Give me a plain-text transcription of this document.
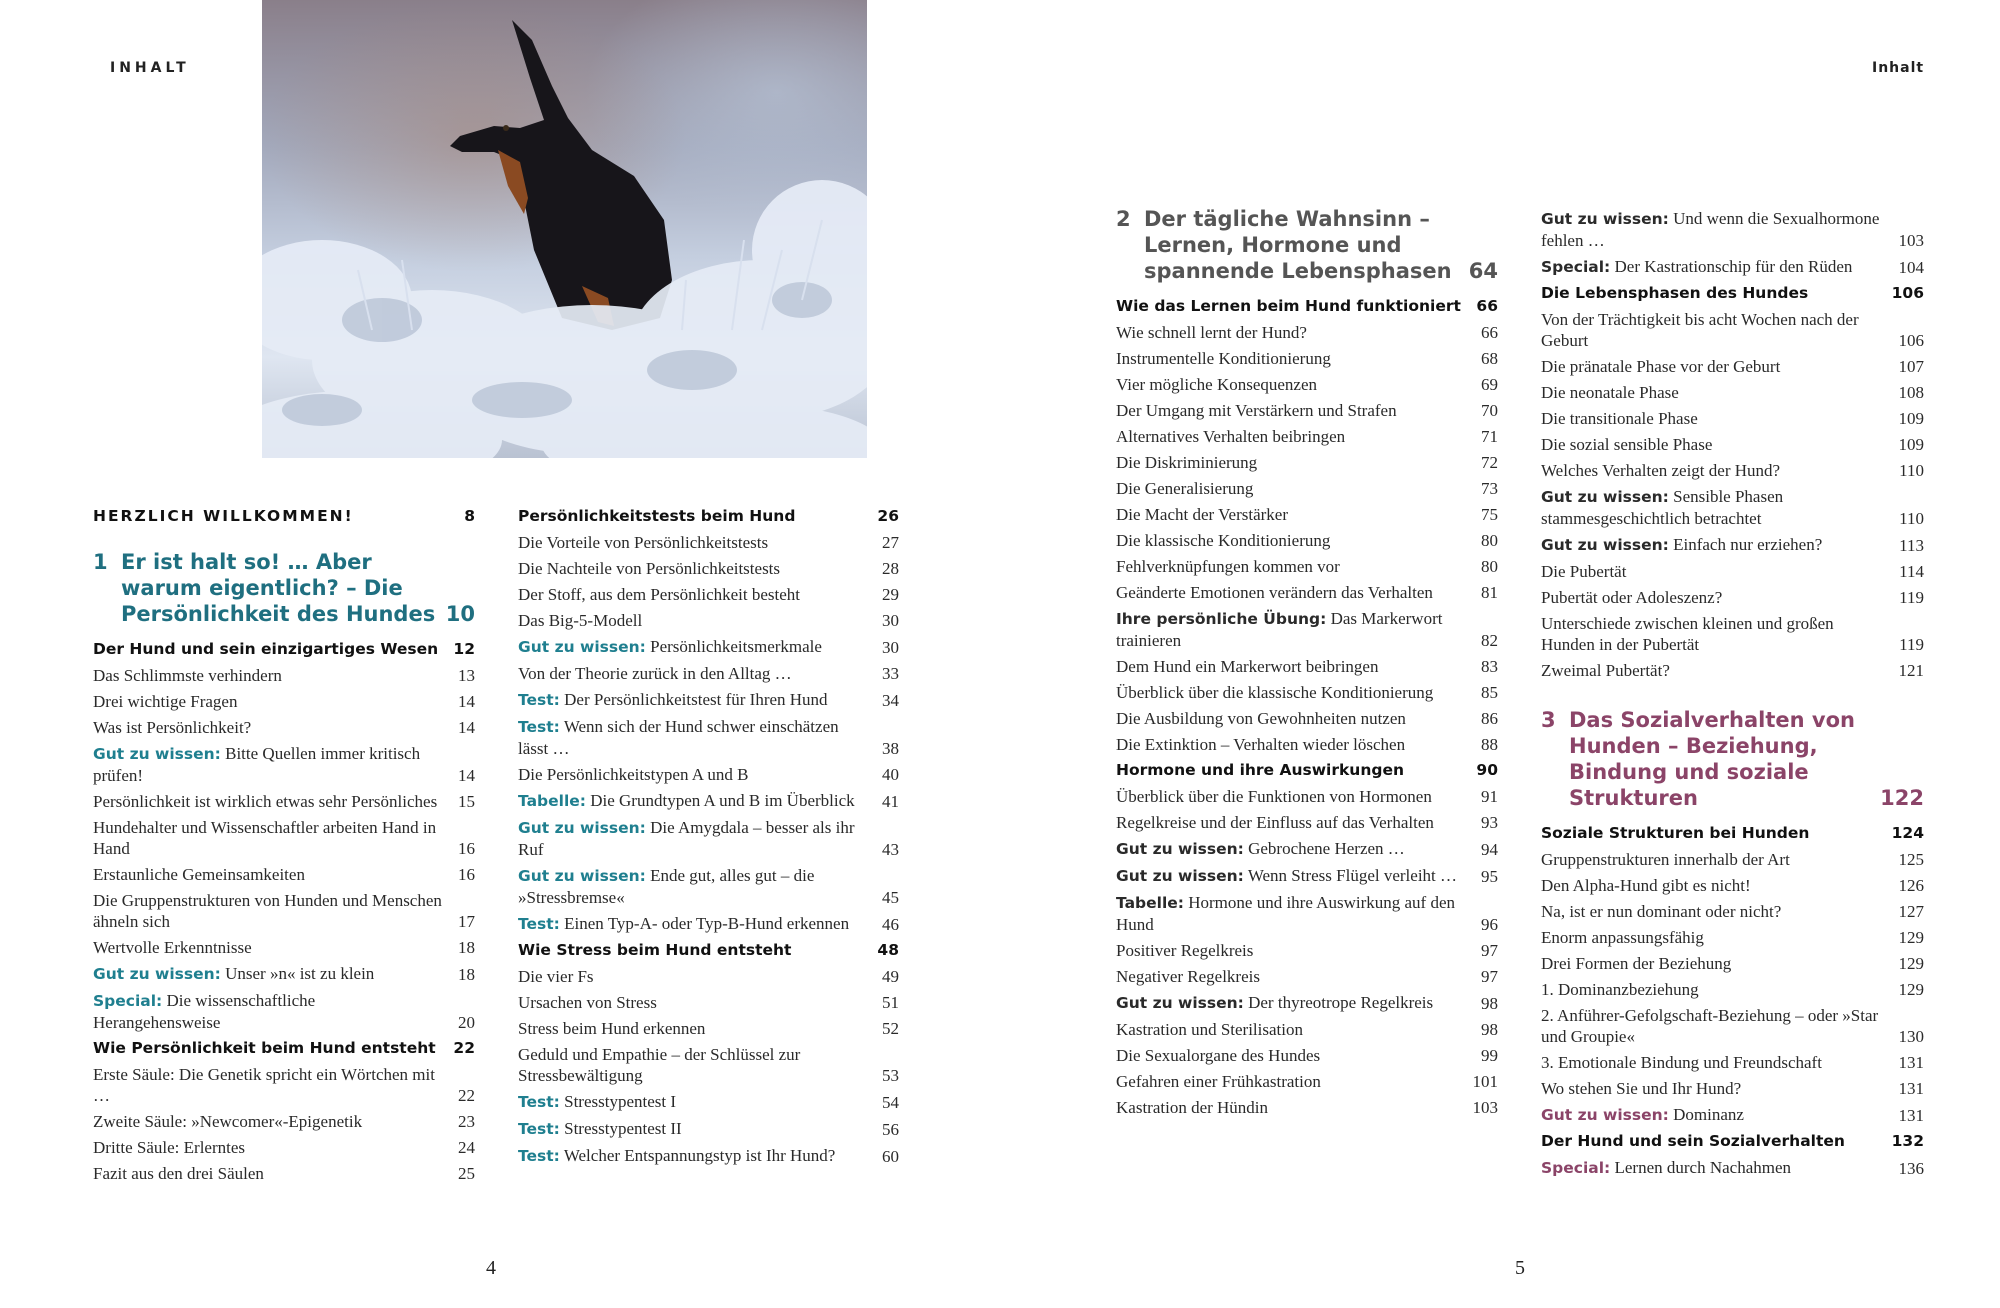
INHALT	Inhalt
HERZLICH WILLKOMMEN!	8
1 Er ist halt so! … Aber warum eigentlich? – Die Persönlichkeit des Hundes 10
Der Hund und sein einzigartiges Wesen 12
Das Schlimmste verhindern	13
Drei wichtige Fragen	14
Was ist Persönlichkeit?	14
Gut zu wissen: Bitte Quellen immer kritisch prüfen!	14
Persönlichkeit ist wirklich etwas sehr Persönliches	15
Hundehalter und Wissenschaftler arbeiten Hand in Hand	16
Erstaunliche Gemeinsamkeiten	16
Die Gruppenstrukturen von Hunden und Menschen ähneln sich	17
Wertvolle Erkenntnisse	18
Gut zu wissen: Unser »n« ist zu klein	18
Special: Die wissenschaftliche Herangehensweise	20
Wie Persönlichkeit beim Hund entsteht	22
Erste Säule: Die Genetik spricht ein Wörtchen mit …	22
Zweite Säule: »Newcomer«-Epigenetik	23
Dritte Säule: Erlerntes	24
Fazit aus den drei Säulen	25
Persönlichkeitstests beim Hund	26
Die Vorteile von Persönlichkeitstests	27
Die Nachteile von Persönlichkeitstests	28
Der Stoff, aus dem Persönlichkeit besteht	29
Das Big-5-Modell	30
Gut zu wissen: Persönlichkeitsmerkmale	30
Von der Theorie zurück in den Alltag …	33
Test: Der Persönlichkeitstest für Ihren Hund	34
Test: Wenn sich der Hund schwer einschätzen lässt …	38
Die Persönlichkeitstypen A und B	40
Tabelle: Die Grundtypen A und B im Überblick	41
Gut zu wissen: Die Amygdala – besser als ihr Ruf	43
Gut zu wissen: Ende gut, alles gut – die »Stressbremse«	45
Test: Einen Typ-A- oder Typ-B-Hund erkennen	46
Wie Stress beim Hund entsteht	48
Die vier Fs	49
Ursachen von Stress	51
Stress beim Hund erkennen	52
Geduld und Empathie – der Schlüssel zur Stressbewältigung	53
Test: Stresstypentest I	54
Test: Stresstypentest II	56
Test: Welcher Entspannungstyp ist Ihr Hund?	60
2 Der tägliche Wahnsinn – Lernen, Hormone und spannende Lebensphasen 64
Wie das Lernen beim Hund funktioniert	66
Wie schnell lernt der Hund?	66
Instrumentelle Konditionierung	68
Vier mögliche Konsequenzen	69
Der Umgang mit Verstärkern und Strafen	70
Alternatives Verhalten beibringen	71
Die Diskriminierung	72
Die Generalisierung	73
Die Macht der Verstärker	75
Die klassische Konditionierung	80
Fehlverknüpfungen kommen vor	80
Geänderte Emotionen verändern das Verhalten	81
Ihre persönliche Übung: Das Markerwort trainieren	82
Dem Hund ein Markerwort beibringen	83
Überblick über die klassische Konditionierung	85
Die Ausbildung von Gewohnheiten nutzen	86
Die Extinktion – Verhalten wieder löschen	88
Hormone und ihre Auswirkungen	90
Überblick über die Funktionen von Hormonen	91
Regelkreise und der Einfluss auf das Verhalten	93
Gut zu wissen: Gebrochene Herzen …	94
Gut zu wissen: Wenn Stress Flügel verleiht …	95
Tabelle: Hormone und ihre Auswirkung auf den Hund	96
Positiver Regelkreis	97
Negativer Regelkreis	97
Gut zu wissen: Der thyreotrope Regelkreis	98
Kastration und Sterilisation	98
Die Sexualorgane des Hundes	99
Gefahren einer Frühkastration	101
Kastration der Hündin	103
Gut zu wissen: Und wenn die Sexualhormone fehlen …	103
Special: Der Kastrationschip für den Rüden	104
Die Lebensphasen des Hundes	106
Von der Trächtigkeit bis acht Wochen nach der Geburt	106
Die pränatale Phase vor der Geburt	107
Die neonatale Phase	108
Die transitionale Phase	109
Die sozial sensible Phase	109
Welches Verhalten zeigt der Hund?	110
Gut zu wissen: Sensible Phasen stammesgeschichtlich betrachtet	110
Gut zu wissen: Einfach nur erziehen?	113
Die Pubertät	114
Pubertät oder Adoleszenz?	119
Unterschiede zwischen kleinen und großen Hunden in der Pubertät	119
Zweimal Pubertät?	121
3 Das Sozialverhalten von Hunden – Beziehung, Bindung und soziale Strukturen	122
Soziale Strukturen bei Hunden	124
Gruppenstrukturen innerhalb der Art	125
Den Alpha-Hund gibt es nicht!	126
Na, ist er nun dominant oder nicht?	127
Enorm anpassungsfähig	129
Drei Formen der Beziehung	129
1. Dominanzbeziehung	129
2. Anführer-Gefolgschaft-Beziehung – oder »Star und Groupie«	130
3. Emotionale Bindung und Freundschaft	131
Wo stehen Sie und Ihr Hund?	131
Gut zu wissen: Dominanz	131
Der Hund und sein Sozialverhalten	132
Special: Lernen durch Nachahmen	136
4	5
